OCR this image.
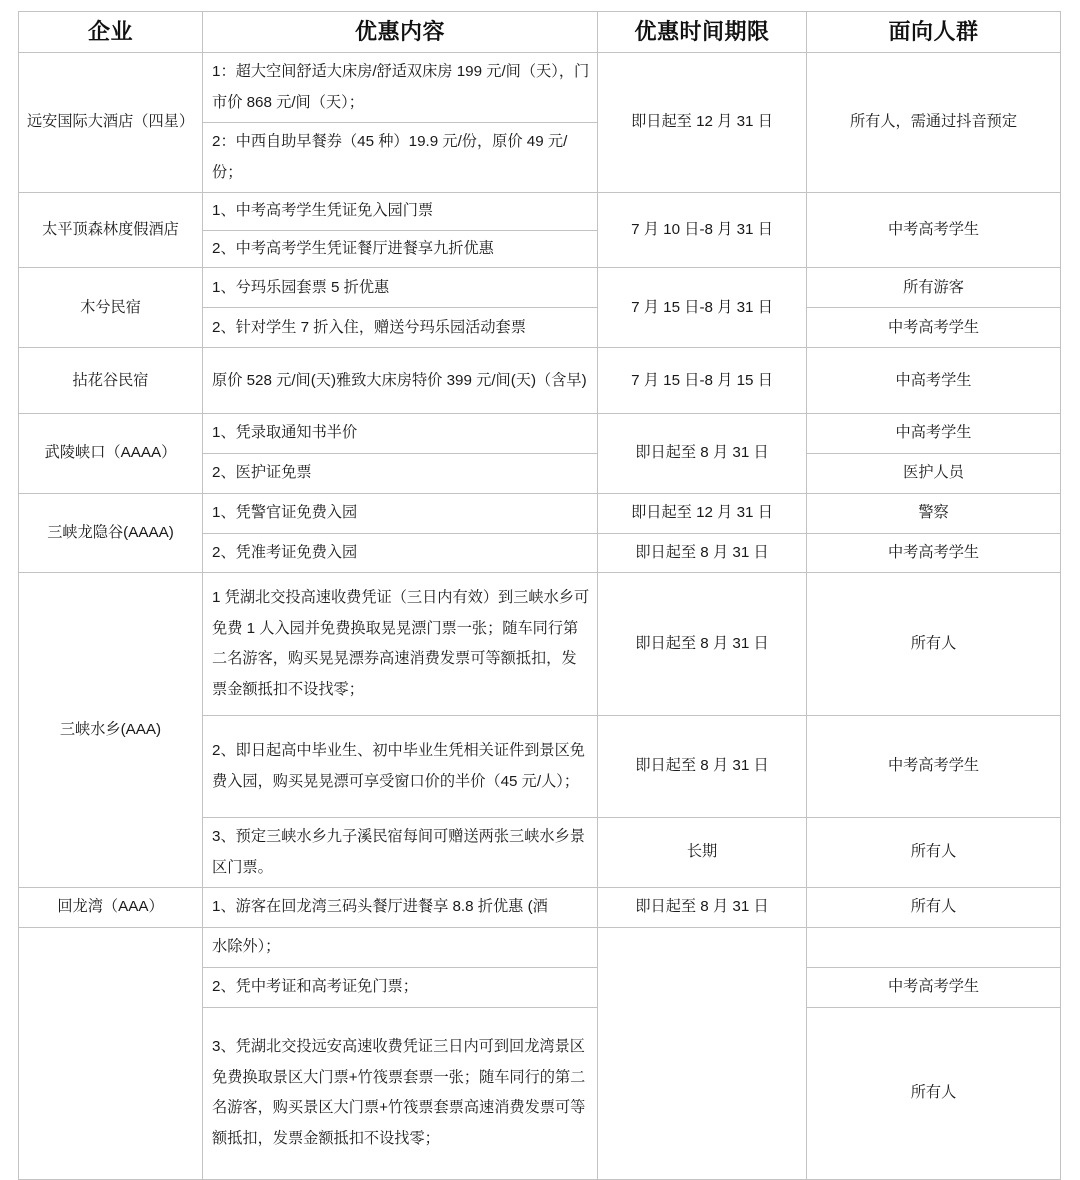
企业	优惠内容	优惠时间期限	面向人群
远安国际大酒店（四星）	1：超大空间舒适大床房/舒适双床房 199 元/间（天），门市价 868 元/间（天）；	即日起至 12 月 31 日	所有人，需通过抖音预定
	2：中西自助早餐券（45 种）19.9 元/份，原价 49 元/份；		
太平顶森林度假酒店	1、中考高考学生凭证免入园门票	7 月 10 日-8 月 31 日	中考高考学生
	2、中考高考学生凭证餐厅进餐享九折优惠		
木兮民宿	1、兮玛乐园套票 5 折优惠	7 月 15 日-8 月 31 日	所有游客
	2、针对学生 7 折入住，赠送兮玛乐园活动套票		中考高考学生
拈花谷民宿	原价 528 元/间(天)雅致大床房特价 399 元/间(天)（含早)	7 月 15 日-8 月 15 日	中高考学生
武陵峡口（AAAA）	1、凭录取通知书半价	即日起至 8 月 31 日	中高考学生
	2、医护证免票		医护人员
三峡龙隐谷(AAAA)	1、凭警官证免费入园	即日起至 12 月 31 日	警察
	2、凭准考证免费入园	即日起至 8 月 31 日	中考高考学生
三峡水乡(AAA)	1 凭湖北交投高速收费凭证（三日内有效）到三峡水乡可免费 1 人入园并免费换取晃晃漂门票一张；随车同行第二名游客，购买晃晃漂券高速消费发票可等额抵扣，发票金额抵扣不设找零；	即日起至 8 月 31 日	所有人
	2、即日起高中毕业生、初中毕业生凭相关证件到景区免费入园，购买晃晃漂可享受窗口价的半价（45 元/人）；	即日起至 8 月 31 日	中考高考学生
	3、预定三峡水乡九子溪民宿每间可赠送两张三峡水乡景区门票。	长期	所有人
回龙湾（AAA）	1、游客在回龙湾三码头餐厅进餐享 8.8 折优惠 (酒	即日起至 8 月 31 日	所有人
	水除外）；		
	2、凭中考证和高考证免门票；		中考高考学生
	3、凭湖北交投远安高速收费凭证三日内可到回龙湾景区免费换取景区大门票+竹筏票套票一张；随车同行的第二名游客，购买景区大门票+竹筏票套票高速消费发票可等额抵扣，发票金额抵扣不设找零；		所有人
